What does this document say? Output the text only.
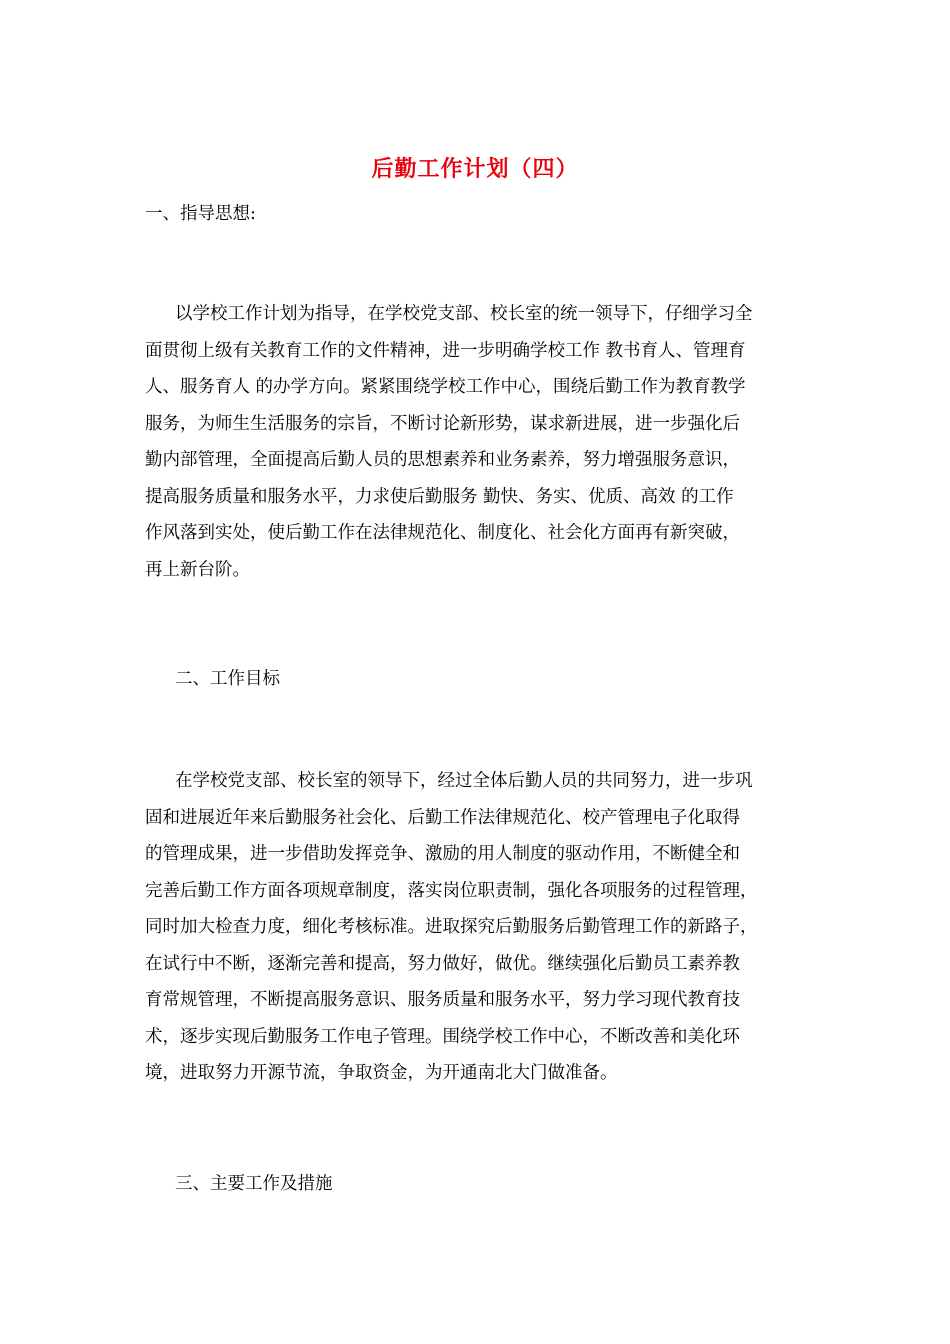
后勤工作计划（四）
一、指导思想:
以学校工作计划为指导，在学校党支部、校长室的统一领导下，仔细学习全
面贯彻上级有关教育工作的文件精神，进一步明确学校工作 教书育人、管理育
人、服务育人 的办学方向。紧紧围绕学校工作中心，围绕后勤工作为教育教学
服务，为师生生活服务的宗旨，不断讨论新形势，谋求新进展，进一步强化后
勤内部管理，全面提高后勤人员的思想素养和业务素养，努力增强服务意识，
提高服务质量和服务水平，力求使后勤服务 勤快、务实、优质、高效 的工作
作风落到实处，使后勤工作在法律规范化、制度化、社会化方面再有新突破，
再上新台阶。
二、工作目标
在学校党支部、校长室的领导下，经过全体后勤人员的共同努力，进一步巩
固和进展近年来后勤服务社会化、后勤工作法律规范化、校产管理电子化取得
的管理成果，进一步借助发挥竞争、激励的用人制度的驱动作用，不断健全和
完善后勤工作方面各项规章制度，落实岗位职责制，强化各项服务的过程管理，
同时加大检查力度，细化考核标准。进取探究后勤服务后勤管理工作的新路子，
在试行中不断，逐渐完善和提高，努力做好，做优。继续强化后勤员工素养教
育常规管理，不断提高服务意识、服务质量和服务水平，努力学习现代教育技
术，逐步实现后勤服务工作电子管理。围绕学校工作中心，不断改善和美化环
境，进取努力开源节流，争取资金，为开通南北大门做准备。
三、主要工作及措施
